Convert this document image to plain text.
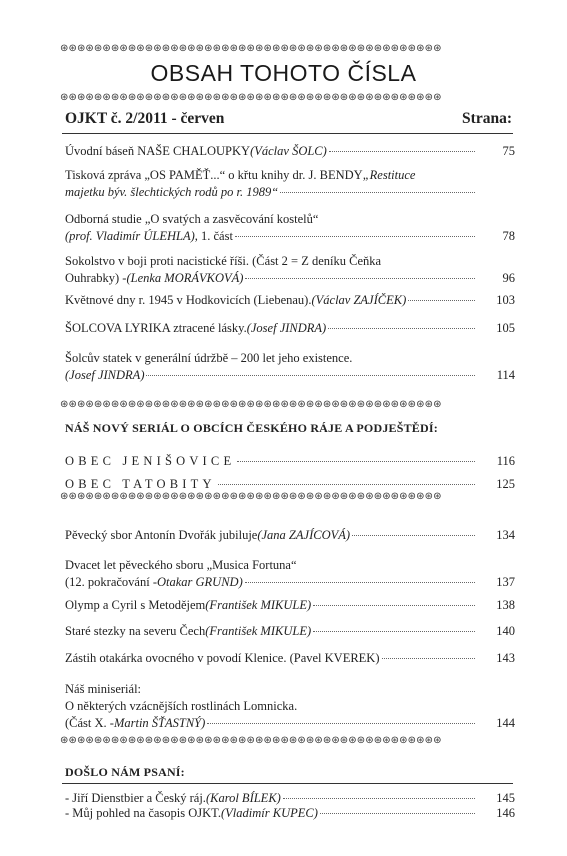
⊛⊛⊛⊛⊛⊛⊛⊛⊛⊛⊛⊛⊛⊛⊛⊛⊛⊛⊛⊛⊛⊛⊛⊛⊛⊛⊛⊛⊛⊛⊛⊛⊛⊛⊛⊛⊛⊛⊛⊛⊛⊛⊛⊛⊛
OBSAH TOHOTO ČÍSLA
⊛⊛⊛⊛⊛⊛⊛⊛⊛⊛⊛⊛⊛⊛⊛⊛⊛⊛⊛⊛⊛⊛⊛⊛⊛⊛⊛⊛⊛⊛⊛⊛⊛⊛⊛⊛⊛⊛⊛⊛⊛⊛⊛⊛⊛
OJKT č. 2/2011 - červen	Strana:
Úvodní báseň NAŠE CHALOUPKY (Václav ŠOLC)	75
Tisková zpráva „OS PAMĚŤ...“ o křtu knihy dr. J. BENDY „Restituce
majetku býv. šlechtických rodů po r. 1989“
Odborná studie „O svatých a zasvěcování kostelů“
(prof. Vladimír ÚLEHLA) , 1. část	78
Sokolstvo v boji proti nacistické říši. (Část 2 = Z deníku Čeňka
Ouhrabky) - (Lenka MORÁVKOVÁ)	96
Květnové dny r. 1945 v Hodkovicích (Liebenau). (Václav ZAJÍČEK)	103
ŠOLCOVA LYRIKA ztracené lásky. (Josef JINDRA)	105
Šolcův statek v generální údržbě – 200 let jeho existence.
(Josef JINDRA)	114
⊛⊛⊛⊛⊛⊛⊛⊛⊛⊛⊛⊛⊛⊛⊛⊛⊛⊛⊛⊛⊛⊛⊛⊛⊛⊛⊛⊛⊛⊛⊛⊛⊛⊛⊛⊛⊛⊛⊛⊛⊛⊛⊛⊛⊛
NÁŠ NOVÝ SERIÁL O OBCÍCH ČESKÉHO RÁJE A PODJEŠTĚDÍ:
OBEC JENIŠOVICE	116
OBEC TATOBITY	125
⊛⊛⊛⊛⊛⊛⊛⊛⊛⊛⊛⊛⊛⊛⊛⊛⊛⊛⊛⊛⊛⊛⊛⊛⊛⊛⊛⊛⊛⊛⊛⊛⊛⊛⊛⊛⊛⊛⊛⊛⊛⊛⊛⊛⊛
Pěvecký sbor Antonín Dvořák jubiluje (Jana ZAJÍCOVÁ)	134
Dvacet let pěveckého sboru „Musica Fortuna“
(12. pokračování - Otakar GRUND)	137
Olymp a Cyril s Metodějem (František MIKULE)	138
Staré stezky na severu Čech (František MIKULE)	140
Zástih otakárka ovocného v povodí Klenice. (Pavel KVEREK)	143
Náš miniseriál:
O některých vzácnějších rostlinách Lomnicka.
(Část X. - Martin ŠŤASTNÝ)	144
⊛⊛⊛⊛⊛⊛⊛⊛⊛⊛⊛⊛⊛⊛⊛⊛⊛⊛⊛⊛⊛⊛⊛⊛⊛⊛⊛⊛⊛⊛⊛⊛⊛⊛⊛⊛⊛⊛⊛⊛⊛⊛⊛⊛⊛
DOŠLO NÁM PSANÍ:
- Jiří Dienstbier a Český ráj. (Karol BÍLEK)	145
- Můj pohled na časopis OJKT. (Vladimír KUPEC)	146
